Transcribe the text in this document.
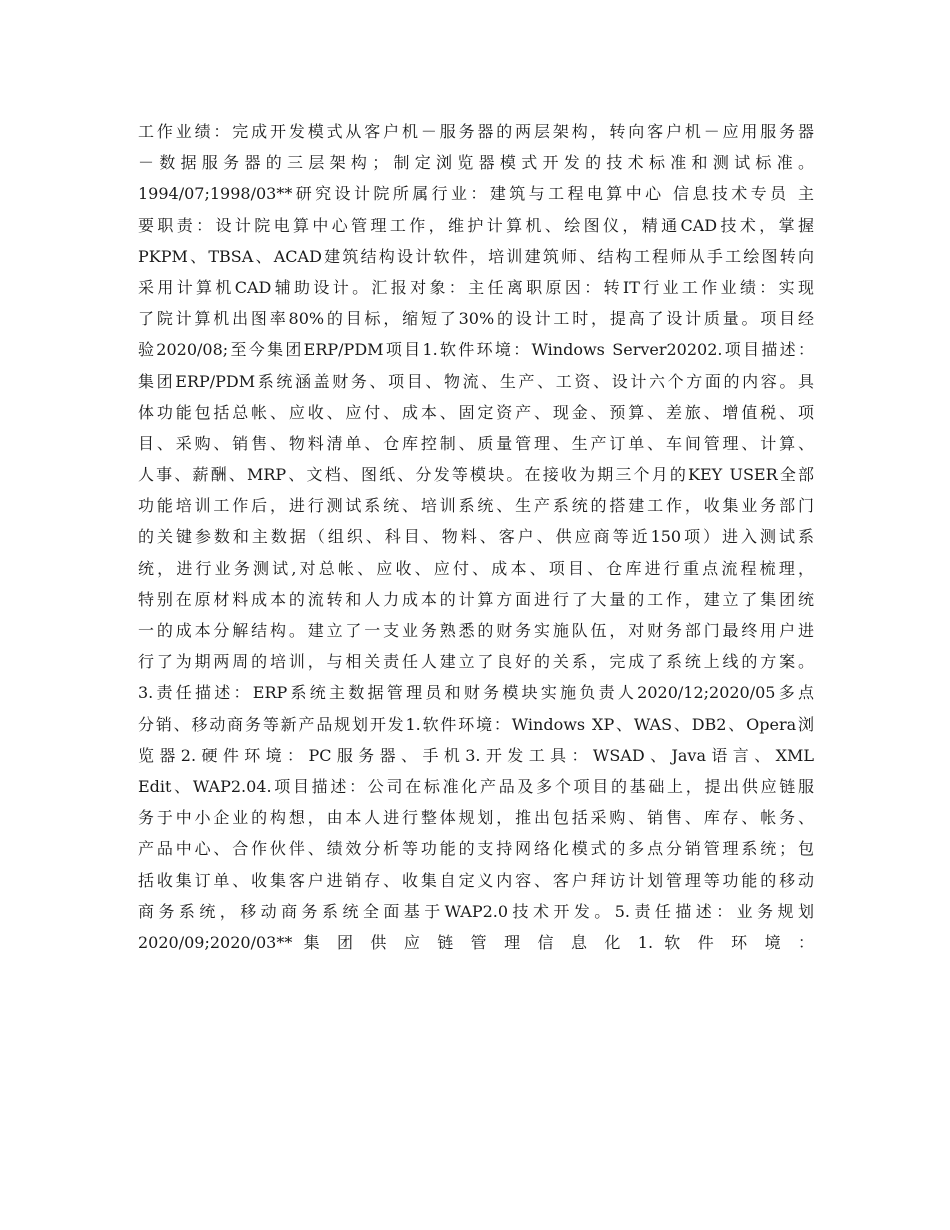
工作业绩：完成开发模式从客户机－服务器的两层架构，转向客户机－应用服务器
－数据服务器的三层架构；制定浏览器模式开发的技术标准和测试标准。
1994/07;1998/03**研究设计院所属行业：建筑与工程电算中心 信息技术专员 主
要职责：设计院电算中心管理工作，维护计算机、绘图仪，精通CAD技术，掌握
PKPM、TBSA、ACAD建筑结构设计软件，培训建筑师、结构工程师从手工绘图转向
采用计算机CAD辅助设计。汇报对象：主任离职原因：转IT行业工作业绩：实现
了院计算机出图率80%的目标，缩短了30%的设计工时，提高了设计质量。项目经
验2020/08;至今集团ERP/PDM项目1.软件环境：Windows Server20202.项目描述：
集团ERP/PDM系统涵盖财务、项目、物流、生产、工资、设计六个方面的内容。具
体功能包括总帐、应收、应付、成本、固定资产、现金、预算、差旅、增值税、项
目、采购、销售、物料清单、仓库控制、质量管理、生产订单、车间管理、计算、
人事、薪酬、MRP、文档、图纸、分发等模块。在接收为期三个月的KEY USER全部
功能培训工作后，进行测试系统、培训系统、生产系统的搭建工作，收集业务部门
的关键参数和主数据（组织、科目、物料、客户、供应商等近150项）进入测试系
统，进行业务测试,对总帐、应收、应付、成本、项目、仓库进行重点流程梳理，
特别在原材料成本的流转和人力成本的计算方面进行了大量的工作，建立了集团统
一的成本分解结构。建立了一支业务熟悉的财务实施队伍，对财务部门最终用户进
行了为期两周的培训，与相关责任人建立了良好的关系，完成了系统上线的方案。
3.责任描述：ERP系统主数据管理员和财务模块实施负责人2020/12;2020/05多点
分销、移动商务等新产品规划开发1.软件环境：Windows XP、WAS、DB2、Opera浏
览器2.硬件环境：PC服务器、手机3.开发工具：WSAD、Java语言、XML
Edit、WAP2.04.项目描述：公司在标准化产品及多个项目的基础上，提出供应链服
务于中小企业的构想，由本人进行整体规划，推出包括采购、销售、库存、帐务、
产品中心、合作伙伴、绩效分析等功能的支持网络化模式的多点分销管理系统；包
括收集订单、收集客户进销存、收集自定义内容、客户拜访计划管理等功能的移动
商务系统，移动商务系统全面基于WAP2.0技术开发。5.责任描述：业务规划
2020/09;2020/03** 集 团 供 应 链 管 理 信 息 化 1. 软 件 环 境 ：
